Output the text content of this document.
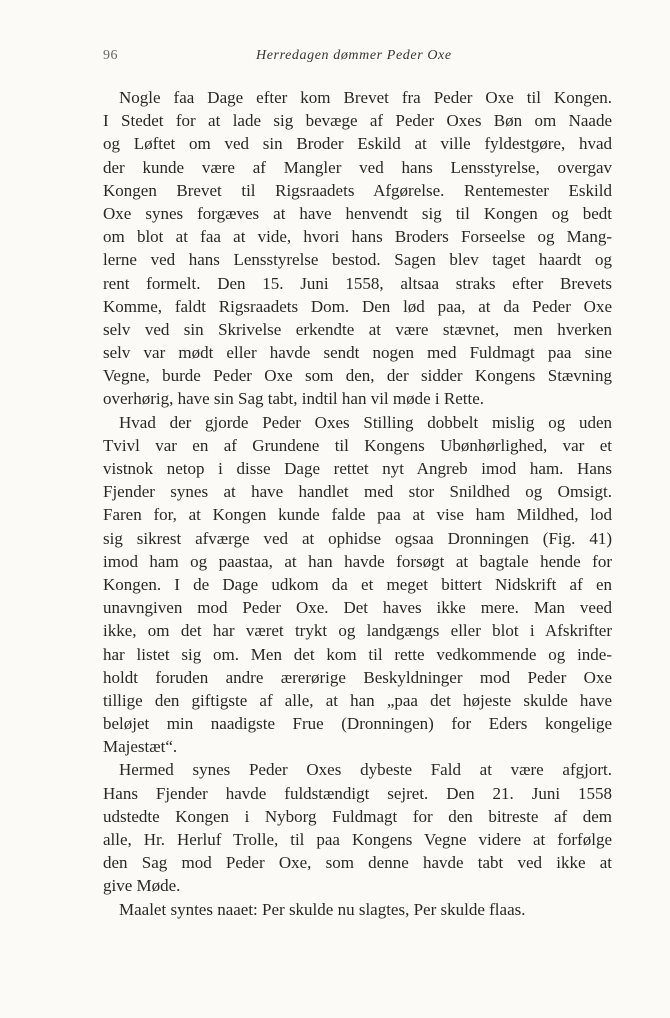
96	Herredagen dømmer Peder Oxe
Nogle faa Dage efter kom Brevet fra Peder Oxe til Kongen.
I Stedet for at lade sig bevæge af Peder Oxes Bøn om Naade
og Løftet om ved sin Broder Eskild at ville fyldestgøre, hvad
der kunde være af Mangler ved hans Lensstyrelse, overgav
Kongen Brevet til Rigsraadets Afgørelse. Rentemester Eskild
Oxe synes forgæves at have henvendt sig til Kongen og bedt
om blot at faa at vide, hvori hans Broders Forseelse og Mang-
lerne ved hans Lensstyrelse bestod. Sagen blev taget haardt og
rent formelt. Den 15. Juni 1558, altsaa straks efter Brevets
Komme, faldt Rigsraadets Dom. Den lød paa, at da Peder Oxe
selv ved sin Skrivelse erkendte at være stævnet, men hverken
selv var mødt eller havde sendt nogen med Fuldmagt paa sine
Vegne, burde Peder Oxe som den, der sidder Kongens Stævning
overhørig, have sin Sag tabt, indtil han vil møde i Rette.
Hvad der gjorde Peder Oxes Stilling dobbelt mislig og uden
Tvivl var en af Grundene til Kongens Ubønhørlighed, var et
vistnok netop i disse Dage rettet nyt Angreb imod ham. Hans
Fjender synes at have handlet med stor Snildhed og Omsigt.
Faren for, at Kongen kunde falde paa at vise ham Mildhed, lod
sig sikrest afværge ved at ophidse ogsaa Dronningen (Fig. 41)
imod ham og paastaa, at han havde forsøgt at bagtale hende for
Kongen. I de Dage udkom da et meget bittert Nidskrift af en
unavngiven mod Peder Oxe. Det haves ikke mere. Man veed
ikke, om det har været trykt og landgængs eller blot i Afskrifter
har listet sig om. Men det kom til rette vedkommende og inde-
holdt foruden andre ærerørige Beskyldninger mod Peder Oxe
tillige den giftigste af alle, at han „paa det højeste skulde have
beløjet min naadigste Frue (Dronningen) for Eders kongelige
Majestæt“.
Hermed synes Peder Oxes dybeste Fald at være afgjort.
Hans Fjender havde fuldstændigt sejret. Den 21. Juni 1558
udstedte Kongen i Nyborg Fuldmagt for den bitreste af dem
alle, Hr. Herluf Trolle, til paa Kongens Vegne videre at forfølge
den Sag mod Peder Oxe, som denne havde tabt ved ikke at
give Møde.
Maalet syntes naaet: Per skulde nu slagtes, Per skulde flaas.
